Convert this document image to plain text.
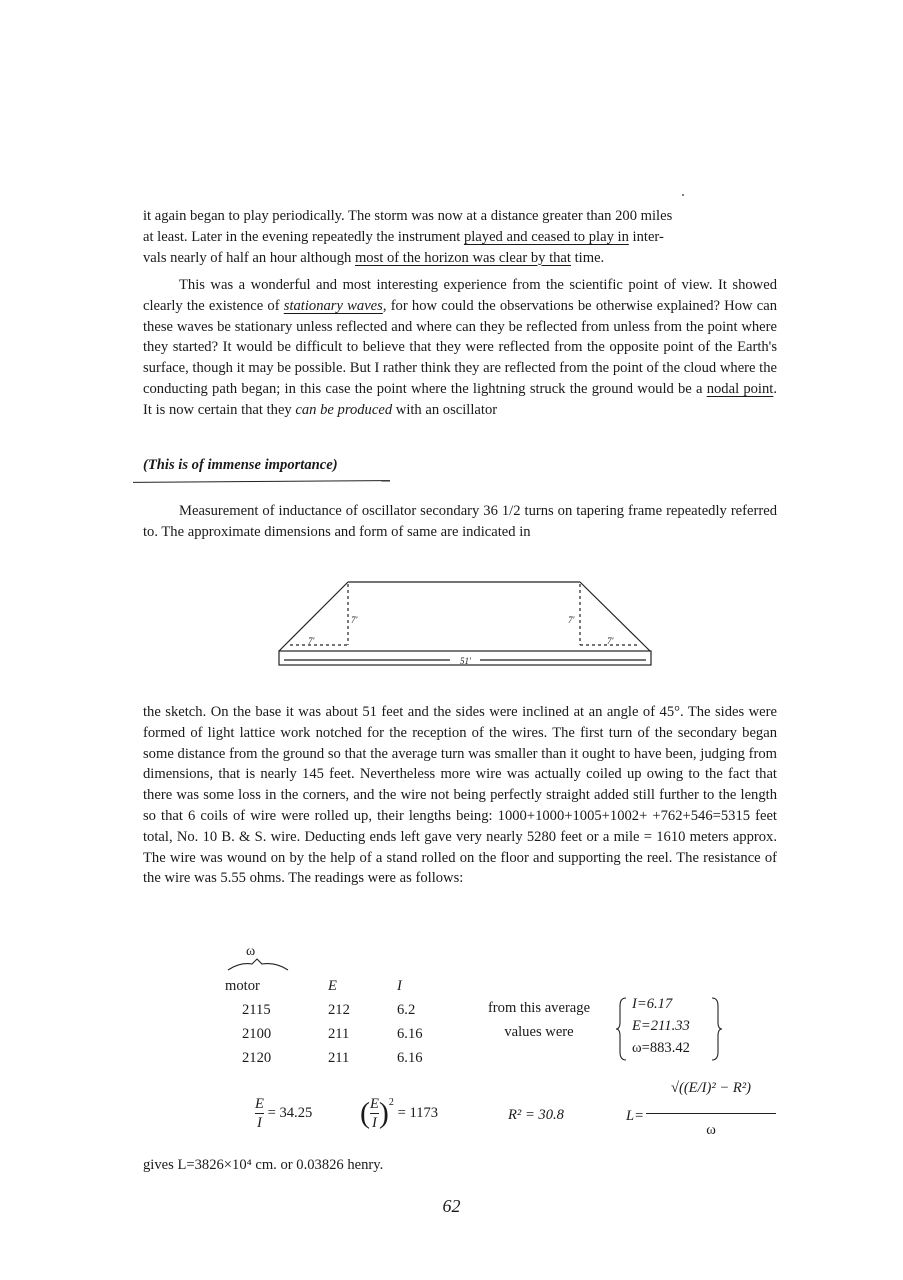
it again began to play periodically. The storm was now at a distance greater than 200 miles
at least. Later in the evening repeatedly the instrument played and ceased to play in inter-
vals nearly of half an hour although most of the horizon was clear by that time.

This was a wonderful and most interesting experience from the scientific point of view. It showed clearly the existence of stationary waves, for how could the observations be otherwise explained? How can these waves be stationary unless reflected and where can they be reflected from unless from the point where they started? It would be difficult to believe that they were reflected from the opposite point of the Earth's surface, though it may be possible. But I rather think they are reflected from the point of the cloud where the conducting path began; in this case the point where the lightning struck the ground would be a nodal point. It is now certain that they can be produced with an oscillator

(This is of immense importance)

Measurement of inductance of oscillator secondary 36 1/2 turns on tapering frame repeatedly referred to. The approximate dimensions and form of same are indicated in

7'	7'
7'	7'
51'

the sketch. On the base it was about 51 feet and the sides were inclined at an angle of 45°. The sides were formed of light lattice work notched for the reception of the wires. The first turn of the secondary began some distance from the ground so that the average turn was smaller than it ought to have been, judging from dimensions, that is nearly 145 feet. Nevertheless more wire was actually coiled up owing to the fact that there was some loss in the corners, and the wire not being perfectly straight added still further to the length so that 6 coils of wire were rolled up, their lengths being: 1000+1000+1005+1002+ +762+546=5315 feet total, No. 10 B. & S. wire. Deducting ends left gave very nearly 5280 feet or a mile = 1610 meters approx. The wire was wound on by the help of a stand rolled on the floor and supporting the reel. The resistance of the wire was 5.55 ohms. The readings were as follows:

ω
motor	E	I
2115	212	6.2
2100	211	6.16
2120	211	6.16
from this average
values were
I=6.17
E=211.33
ω=883.42
$\frac{E}{I} = 34.25$ ( $\frac{E}{I} )^2 = 1173$	R² = 30.8	L=
√((E/I)² − R²)
ω
gives L=3826×10⁴ cm. or 0.03826 henry.
62
